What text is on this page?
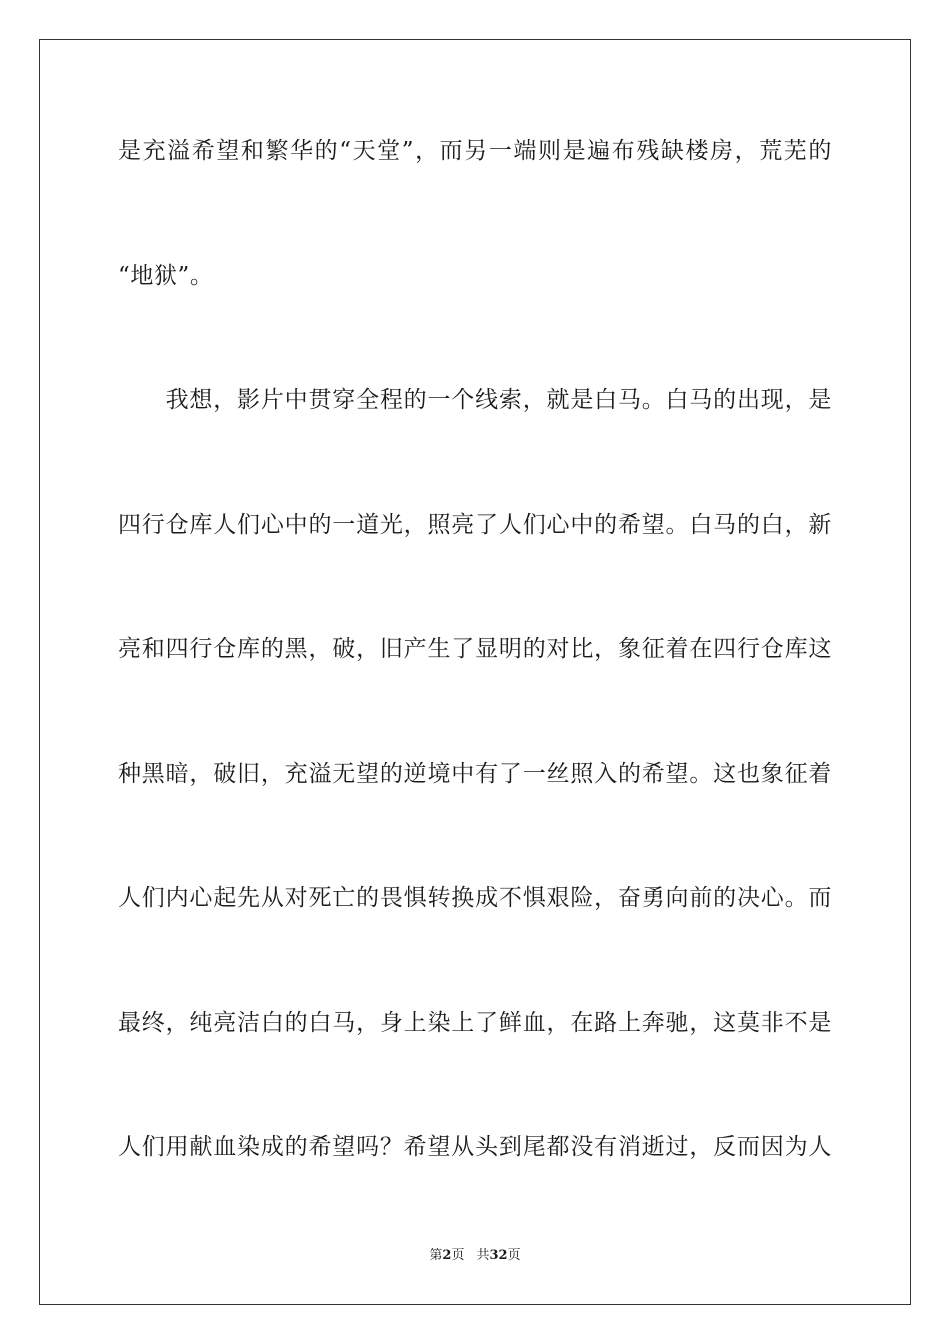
是充溢希望和繁华的“天堂”，而另一端则是遍布残缺楼房，荒芜的
“地狱”。
　　我想，影片中贯穿全程的一个线索，就是白马。白马的出现，是
四行仓库人们心中的一道光，照亮了人们心中的希望。白马的白，新
亮和四行仓库的黑，破，旧产生了显明的对比，象征着在四行仓库这
种黑暗，破旧，充溢无望的逆境中有了一丝照入的希望。这也象征着
人们内心起先从对死亡的畏惧转换成不惧艰险，奋勇向前的决心。而
最终，纯亮洁白的白马，身上染上了鲜血，在路上奔驰，这莫非不是
人们用献血染成的希望吗？希望从头到尾都没有消逝过，反而因为人
第2页 共32页
